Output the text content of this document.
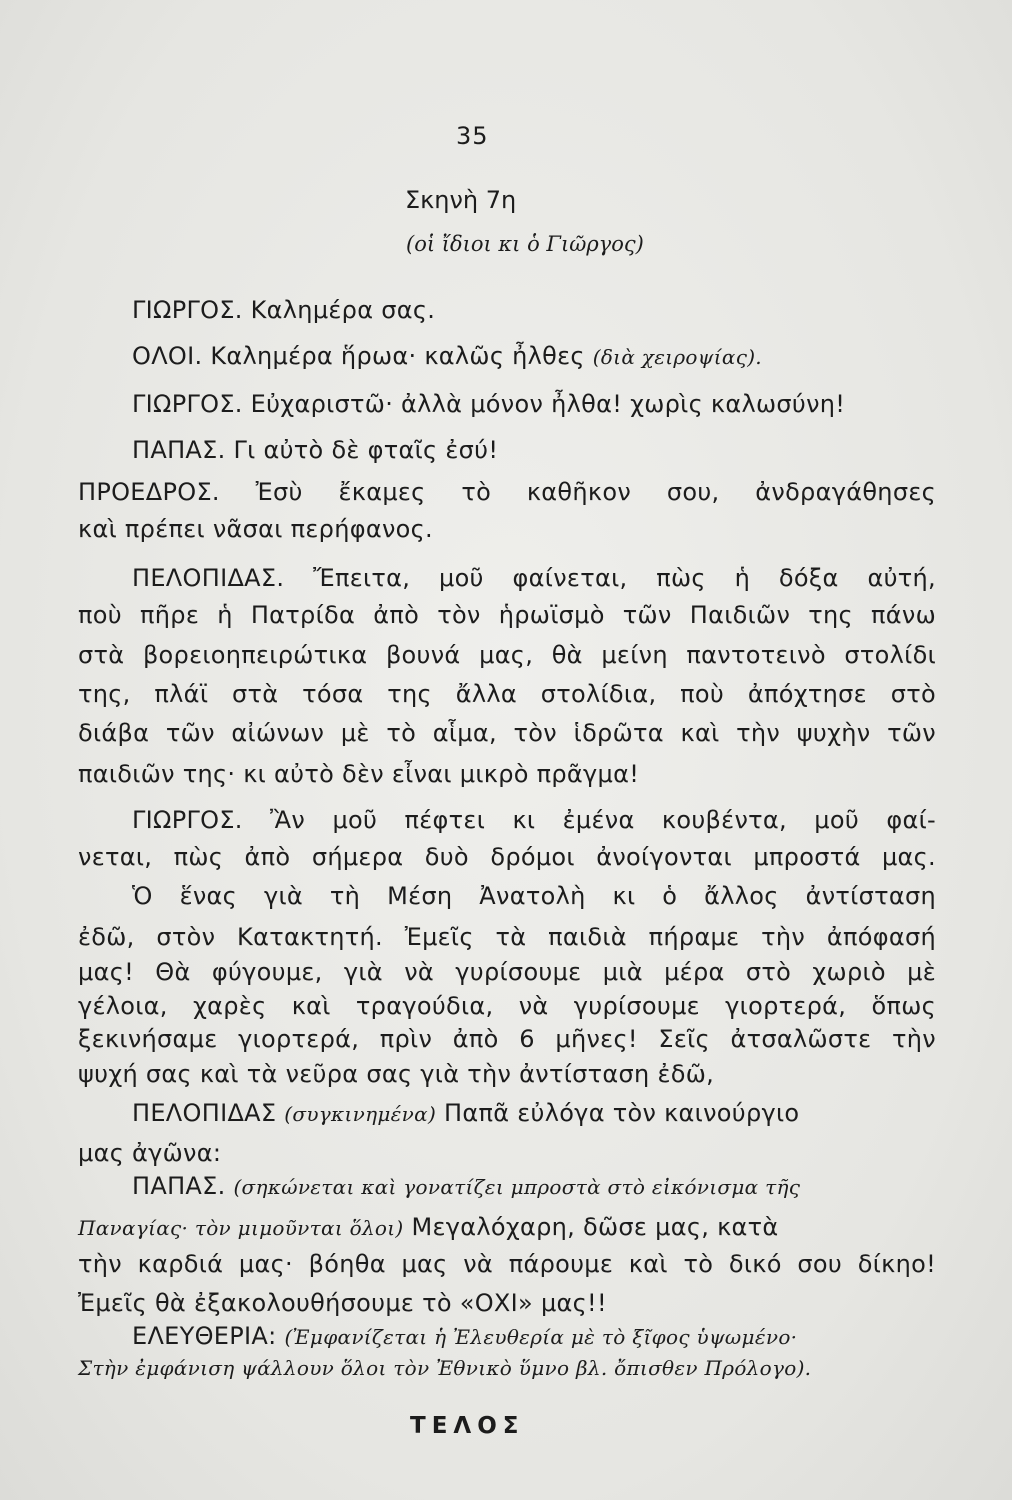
35
Σκηνὴ 7η
(οἱ ἴδιοι κι ὁ Γιῶργος)
ΓΙΩΡΓΟΣ. Καλημέρα σας.
ΟΛΟΙ. Καλημέρα ἥρωα· καλῶς ἦλθες (διὰ χειροψίας).
ΓΙΩΡΓΟΣ. Εὐχαριστῶ· ἀλλὰ μόνον ἦλθα! χωρὶς καλωσύνη!
ΠΑΠΑΣ. Γι αὐτὸ δὲ φταῖς ἐσύ!
ΠΡΟΕΔΡΟΣ. Ἐσὺ ἔκαμες τὸ καθῆκον σου, ἀνδραγάθησες
καὶ πρέπει νᾶσαι περήφανος.
ΠΕΛΟΠΙΔΑΣ. Ἔπειτα, μοῦ φαίνεται, πὼς ἡ δόξα αὐτή,
ποὺ πῆρε ἡ Πατρίδα ἀπὸ τὸν ἡρωϊσμὸ τῶν Παιδιῶν της πάνω
στὰ βορειοηπειρώτικα βουνά μας, θὰ μείνη παντοτεινὸ στολίδι
της, πλάϊ στὰ τόσα της ἄλλα στολίδια, ποὺ ἀπόχτησε στὸ
διάβα τῶν αἰώνων μὲ τὸ αἷμα, τὸν ἱδρῶτα καὶ τὴν ψυχὴν τῶν
παιδιῶν της· κι αὐτὸ δὲν εἶναι μικρὸ πρᾶγμα!
ΓΙΩΡΓΟΣ. Ἂν μοῦ πέφτει κι ἐμένα κουβέντα, μοῦ φαί-
νεται, πὼς ἀπὸ σήμερα δυὸ δρόμοι ἀνοίγονται μπροστά μας.
Ὁ ἕνας γιὰ τὴ Μέση Ἀνατολὴ κι ὁ ἄλλος ἀντίσταση
ἐδῶ, στὸν Κατακτητή. Ἐμεῖς τὰ παιδιὰ πήραμε τὴν ἀπόφασή
μας! Θὰ φύγουμε, γιὰ νὰ γυρίσουμε μιὰ μέρα στὸ χωριὸ μὲ
γέλοια, χαρὲς καὶ τραγούδια, νὰ γυρίσουμε γιορτερά, ὅπως
ξεκινήσαμε γιορτερά, πρὶν ἀπὸ 6 μῆνες! Σεῖς ἀτσαλῶστε τὴν
ψυχή σας καὶ τὰ νεῦρα σας γιὰ τὴν ἀντίσταση ἐδῶ,
ΠΕΛΟΠΙΔΑΣ (συγκινημένα) Παπᾶ εὐλόγα τὸν καινούργιο
μας ἀγῶνα:
ΠΑΠΑΣ. (σηκώνεται καὶ γονατίζει μπροστὰ στὸ εἰκόνισμα τῆς
Παναγίας· τὸν μιμοῦνται ὅλοι) Μεγαλόχαρη, δῶσε μας, κατὰ
τὴν καρδιά μας· βόηθα μας νὰ πάρουμε καὶ τὸ δικό σου δίκηο!
Ἐμεῖς θὰ ἐξακολουθήσουμε τὸ «ΟΧΙ» μας!!
ΕΛΕΥΘΕΡΙΑ: (Ἐμφανίζεται ἡ Ἐλευθερία μὲ τὸ ξῖφος ὑψωμένο·
Στὴν ἐμφάνιση ψάλλουν ὅλοι τὸν Ἐθνικὸ ὕμνο βλ. ὄπισθεν Πρόλογο).
ΤΕΛΟΣ
